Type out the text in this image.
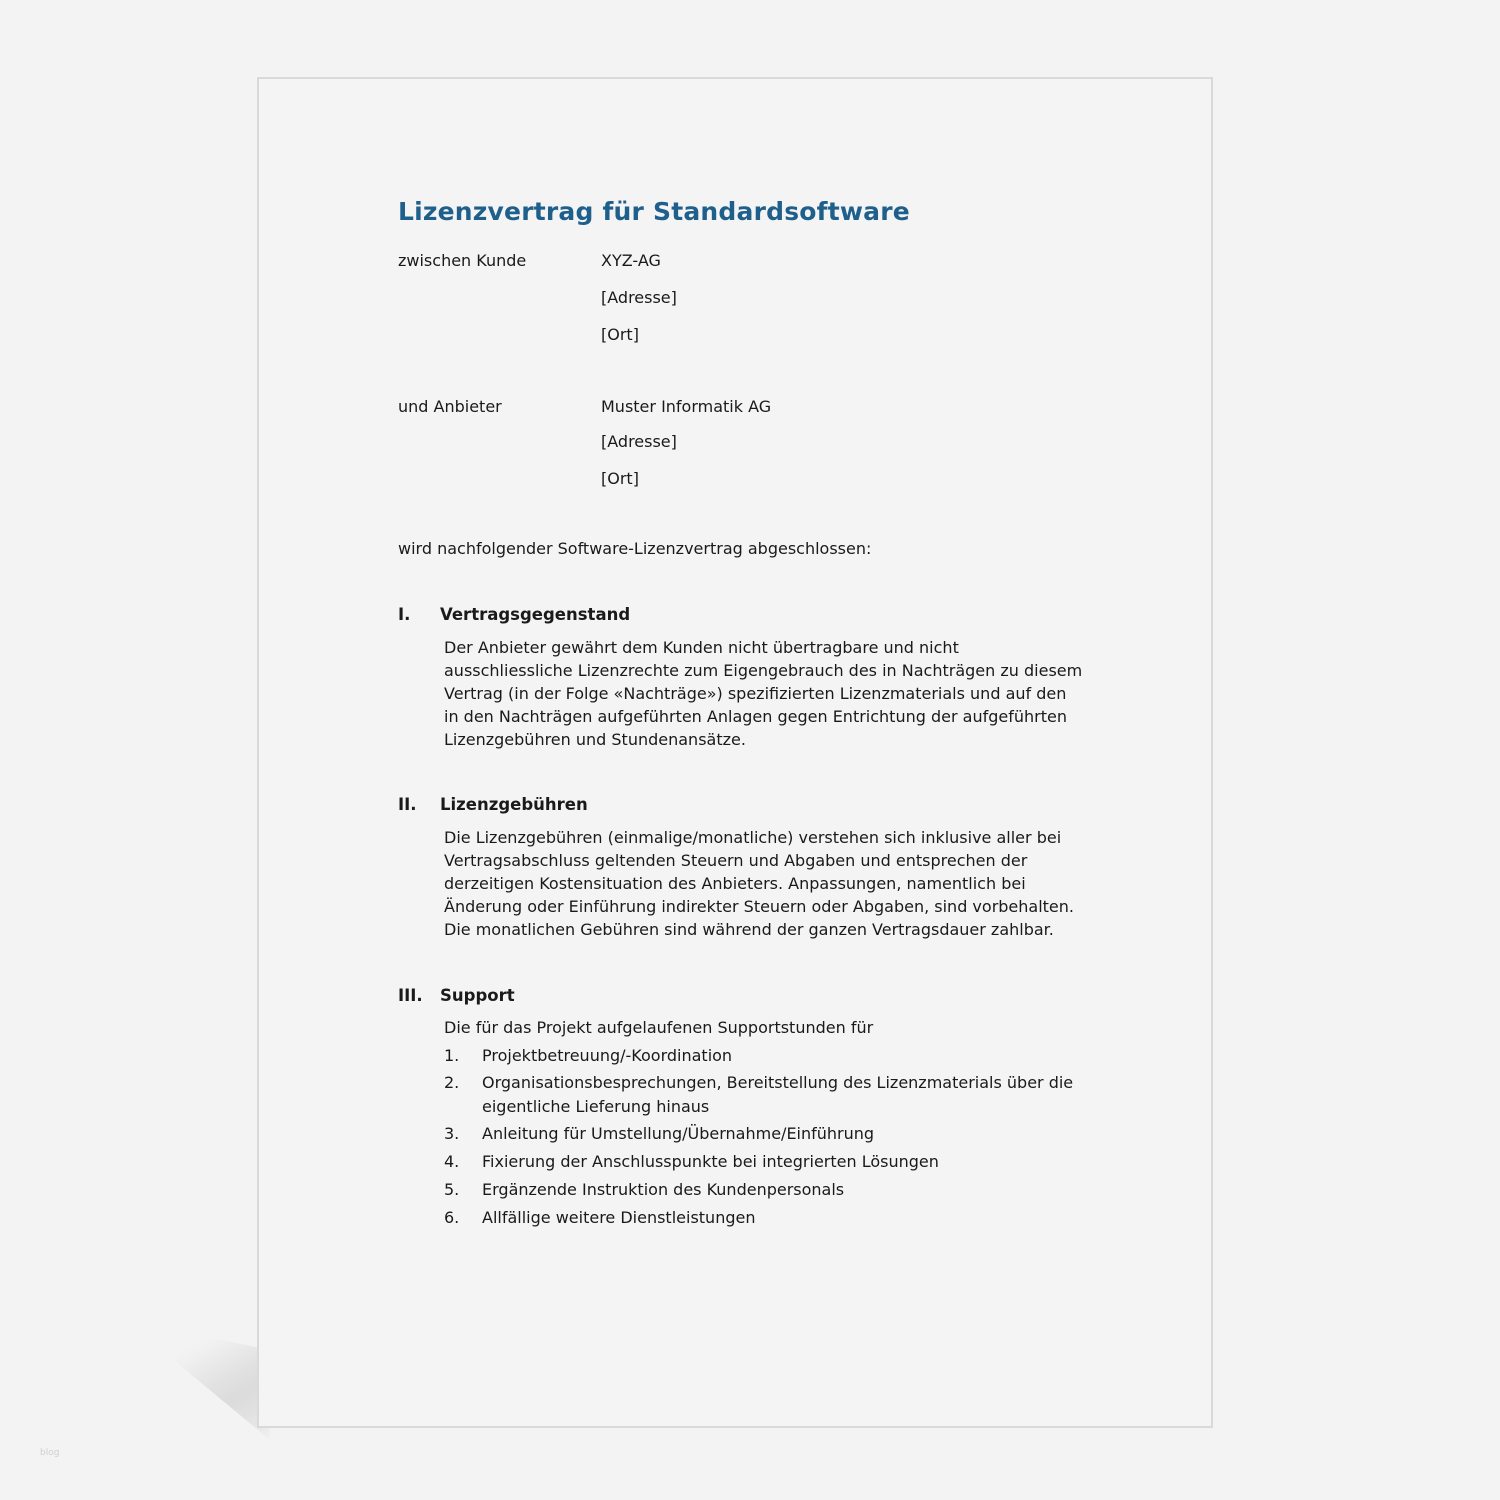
blog
Lizenzvertrag für Standardsoftware
zwischen Kunde	XYZ-AG
[Adresse]
[Ort]
und Anbieter	Muster Informatik AG
[Adresse]
[Ort]
wird nachfolgender Software-Lizenzvertrag abgeschlossen:
I. Vertragsgegenstand
Der Anbieter gewährt dem Kunden nicht übertragbare und nicht
ausschliessliche Lizenzrechte zum Eigengebrauch des in Nachträgen zu diesem
Vertrag (in der Folge «Nachträge») spezifizierten Lizenzmaterials und auf den
in den Nachträgen aufgeführten Anlagen gegen Entrichtung der aufgeführten
Lizenzgebühren und Stundenansätze.
II. Lizenzgebühren
Die Lizenzgebühren (einmalige/monatliche) verstehen sich inklusive aller bei
Vertragsabschluss geltenden Steuern und Abgaben und entsprechen der
derzeitigen Kostensituation des Anbieters. Anpassungen, namentlich bei
Änderung oder Einführung indirekter Steuern oder Abgaben, sind vorbehalten.
Die monatlichen Gebühren sind während der ganzen Vertragsdauer zahlbar.
III. Support
Die für das Projekt aufgelaufenen Supportstunden für
1. Projektbetreuung/-Koordination
2. Organisationsbesprechungen, Bereitstellung des Lizenzmaterials über die
eigentliche Lieferung hinaus
3. Anleitung für Umstellung/Übernahme/Einführung
4. Fixierung der Anschlusspunkte bei integrierten Lösungen
5. Ergänzende Instruktion des Kundenpersonals
6. Allfällige weitere Dienstleistungen
